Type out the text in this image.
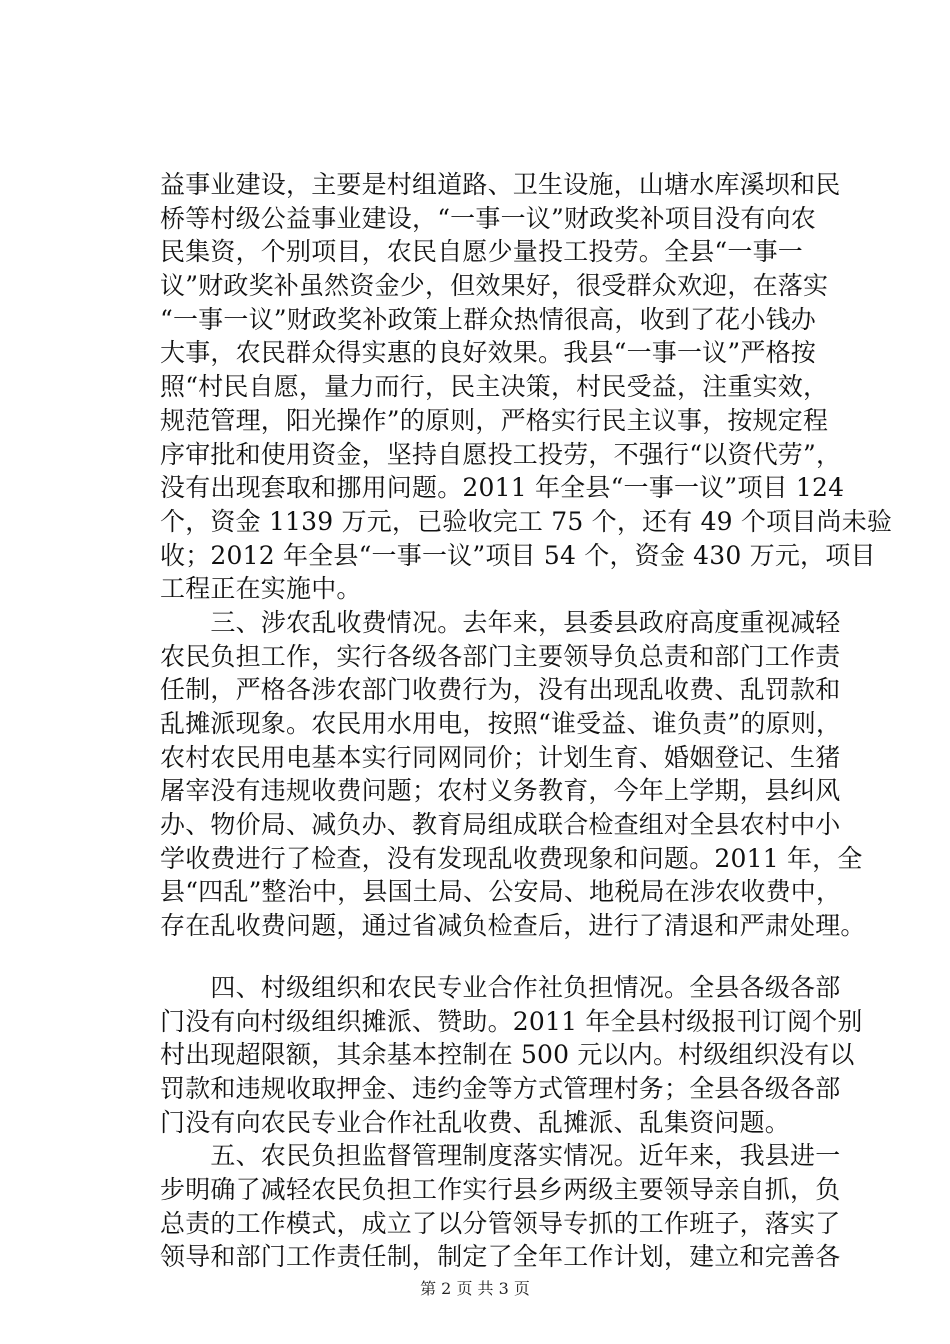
益事业建设，主要是村组道路、卫生设施，山塘水库溪坝和民
桥等村级公益事业建设，“一事一议”财政奖补项目没有向农
民集资，个别项目，农民自愿少量投工投劳。全县“一事一
议”财政奖补虽然资金少，但效果好，很受群众欢迎，在落实
“一事一议”财政奖补政策上群众热情很高，收到了花小钱办
大事，农民群众得实惠的良好效果。我县“一事一议”严格按
照“村民自愿，量力而行，民主决策，村民受益，注重实效，
规范管理，阳光操作”的原则，严格实行民主议事，按规定程
序审批和使用资金，坚持自愿投工投劳，不强行“以资代劳”，
没有出现套取和挪用问题。2011 年全县“一事一议”项目 124
个，资金 1139 万元，已验收完工 75 个，还有 49 个项目尚未验
收；2012 年全县“一事一议”项目 54 个，资金 430 万元，项目
工程正在实施中。
　　三、涉农乱收费情况。去年来，县委县政府高度重视减轻
农民负担工作，实行各级各部门主要领导负总责和部门工作责
任制，严格各涉农部门收费行为，没有出现乱收费、乱罚款和
乱摊派现象。农民用水用电，按照“谁受益、谁负责”的原则，
农村农民用电基本实行同网同价；计划生育、婚姻登记、生猪
屠宰没有违规收费问题；农村义务教育，今年上学期，县纠风
办、物价局、减负办、教育局组成联合检查组对全县农村中小
学收费进行了检查，没有发现乱收费现象和问题。2011 年，全
县“四乱”整治中，县国土局、公安局、地税局在涉农收费中，
存在乱收费问题，通过省减负检查后，进行了清退和严肃处理。
　　四、村级组织和农民专业合作社负担情况。全县各级各部
门没有向村级组织摊派、赞助。2011 年全县村级报刊订阅个别
村出现超限额，其余基本控制在 500 元以内。村级组织没有以
罚款和违规收取押金、违约金等方式管理村务；全县各级各部
门没有向农民专业合作社乱收费、乱摊派、乱集资问题。
　　五、农民负担监督管理制度落实情况。近年来，我县进一
步明确了减轻农民负担工作实行县乡两级主要领导亲自抓，负
总责的工作模式，成立了以分管领导专抓的工作班子，落实了
领导和部门工作责任制，制定了全年工作计划，建立和完善各
第 2 页 共 3 页
